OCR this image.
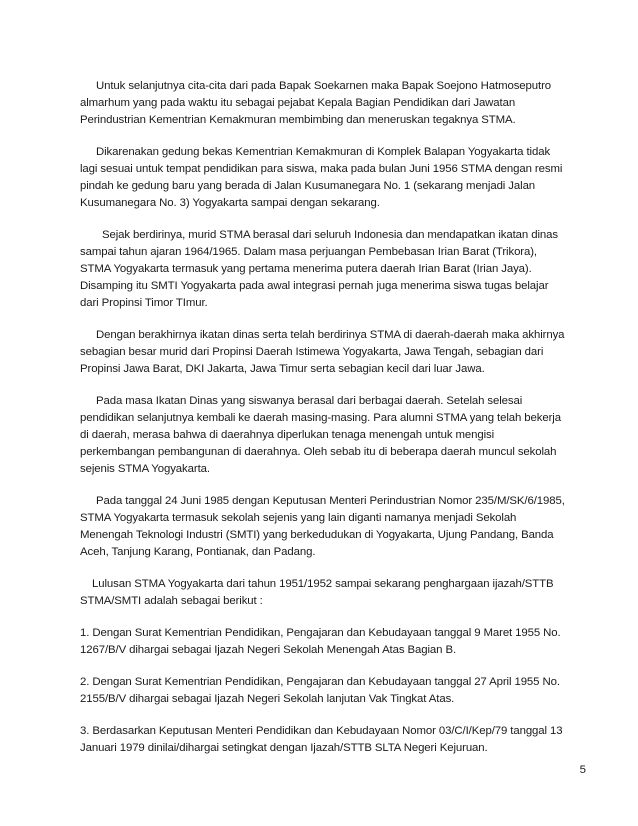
Untuk selanjutnya cita-cita dari pada Bapak Soekarnen maka Bapak Soejono Hatmoseputro almarhum yang pada waktu itu sebagai pejabat Kepala Bagian Pendidikan dari Jawatan Perindustrian Kementrian Kemakmuran membimbing dan meneruskan tegaknya STMA.

Dikarenakan gedung bekas Kementrian Kemakmuran di Komplek Balapan Yogyakarta tidak lagi sesuai untuk tempat pendidikan para siswa, maka pada bulan Juni 1956 STMA dengan resmi pindah ke gedung baru yang berada di Jalan Kusumanegara No. 1 (sekarang menjadi Jalan Kusumanegara No. 3) Yogyakarta sampai dengan sekarang.

Sejak berdirinya, murid STMA berasal dari seluruh Indonesia dan mendapatkan ikatan dinas sampai tahun ajaran 1964/1965. Dalam masa perjuangan Pembebasan Irian Barat (Trikora), STMA Yogyakarta termasuk yang pertama menerima putera daerah Irian Barat (Irian Jaya). Disamping itu SMTI Yogyakarta pada awal integrasi pernah juga menerima siswa tugas belajar dari Propinsi Timor TImur.

Dengan berakhirnya ikatan dinas serta telah berdirinya STMA di daerah-daerah maka akhirnya sebagian besar murid dari Propinsi Daerah Istimewa Yogyakarta, Jawa Tengah, sebagian dari Propinsi Jawa Barat, DKI Jakarta, Jawa Timur serta sebagian kecil dari luar Jawa.

Pada masa Ikatan Dinas yang siswanya berasal dari berbagai daerah. Setelah selesai pendidikan selanjutnya kembali ke daerah masing-masing. Para alumni STMA yang telah bekerja di daerah, merasa bahwa di daerahnya diperlukan tenaga menengah untuk mengisi perkembangan pembangunan di daerahnya. Oleh sebab itu di beberapa daerah muncul sekolah sejenis STMA Yogyakarta.

Pada tanggal 24 Juni 1985 dengan Keputusan Menteri Perindustrian Nomor 235/M/SK/6/1985, STMA Yogyakarta termasuk sekolah sejenis yang lain diganti namanya menjadi Sekolah Menengah Teknologi Industri (SMTI) yang berkedudukan di Yogyakarta, Ujung Pandang, Banda Aceh, Tanjung Karang, Pontianak, dan Padang.

Lulusan STMA Yogyakarta dari tahun 1951/1952 sampai sekarang penghargaan ijazah/STTB STMA/SMTI adalah sebagai berikut :

1. Dengan Surat Kementrian Pendidikan, Pengajaran dan Kebudayaan tanggal 9 Maret 1955 No. 1267/B/V dihargai sebagai Ijazah Negeri Sekolah Menengah Atas Bagian B.

2. Dengan Surat Kementrian Pendidikan, Pengajaran dan Kebudayaan tanggal 27 April 1955 No. 2155/B/V dihargai sebagai Ijazah Negeri Sekolah lanjutan Vak Tingkat Atas.

3. Berdasarkan Keputusan Menteri Pendidikan dan Kebudayaan Nomor 03/C/I/Kep/79 tanggal 13 Januari 1979 dinilai/dihargai setingkat dengan Ijazah/STTB SLTA Negeri Kejuruan.

5
